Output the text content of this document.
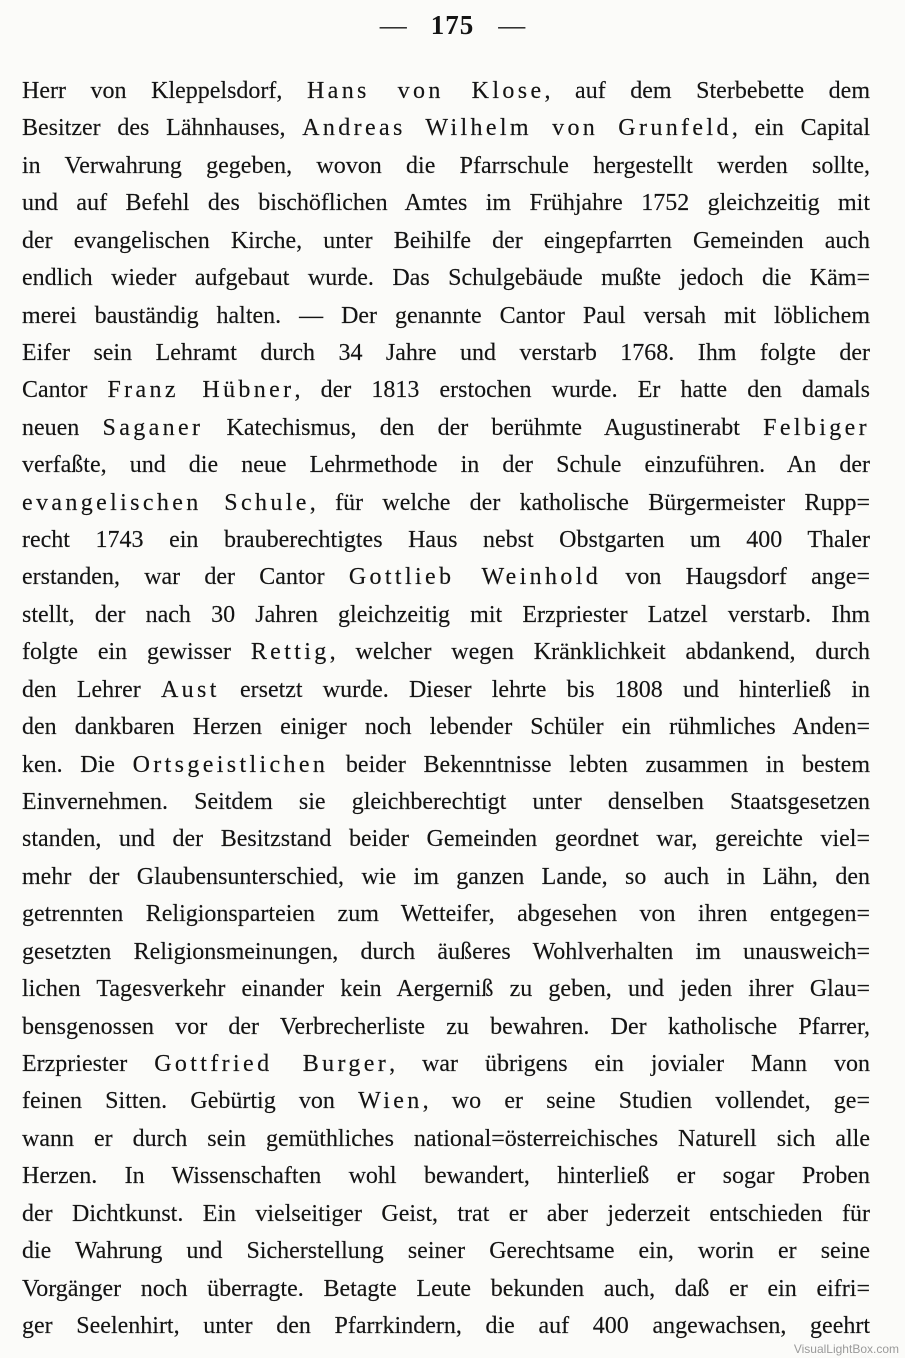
— 175 —
Herr von Kleppelsdorf, Hans von Klose, auf dem Sterbebette dem
Besitzer des Lähnhauses, Andreas Wilhelm von Grunfeld, ein Capital
in Verwahrung gegeben, wovon die Pfarrschule hergestellt werden sollte,
und auf Befehl des bischöflichen Amtes im Frühjahre 1752 gleichzeitig mit
der evangelischen Kirche, unter Beihilfe der eingepfarrten Gemeinden auch
endlich wieder aufgebaut wurde. Das Schulgebäude mußte jedoch die Käm=
merei bauständig halten. — Der genannte Cantor Paul versah mit löblichem
Eifer sein Lehramt durch 34 Jahre und verstarb 1768. Ihm folgte der
Cantor Franz Hübner, der 1813 erstochen wurde. Er hatte den damals
neuen Saganer Katechismus, den der berühmte Augustinerabt Felbiger
verfaßte, und die neue Lehrmethode in der Schule einzuführen. An der
evangelischen Schule, für welche der katholische Bürgermeister Rupp=
recht 1743 ein brauberechtigtes Haus nebst Obstgarten um 400 Thaler
erstanden, war der Cantor Gottlieb Weinhold von Haugsdorf ange=
stellt, der nach 30 Jahren gleichzeitig mit Erzpriester Latzel verstarb. Ihm
folgte ein gewisser Rettig, welcher wegen Kränklichkeit abdankend, durch
den Lehrer Aust ersetzt wurde. Dieser lehrte bis 1808 und hinterließ in
den dankbaren Herzen einiger noch lebender Schüler ein rühmliches Anden=
ken. Die Ortsgeistlichen beider Bekenntnisse lebten zusammen in bestem
Einvernehmen. Seitdem sie gleichberechtigt unter denselben Staatsgesetzen
standen, und der Besitzstand beider Gemeinden geordnet war, gereichte viel=
mehr der Glaubensunterschied, wie im ganzen Lande, so auch in Lähn, den
getrennten Religionsparteien zum Wetteifer, abgesehen von ihren entgegen=
gesetzten Religionsmeinungen, durch äußeres Wohlverhalten im unausweich=
lichen Tagesverkehr einander kein Aergerniß zu geben, und jeden ihrer Glau=
bensgenossen vor der Verbrecherliste zu bewahren. Der katholische Pfarrer,
Erzpriester Gottfried Burger, war übrigens ein jovialer Mann von
feinen Sitten. Gebürtig von Wien, wo er seine Studien vollendet, ge=
wann er durch sein gemüthliches national=österreichisches Naturell sich alle
Herzen. In Wissenschaften wohl bewandert, hinterließ er sogar Proben
der Dichtkunst. Ein vielseitiger Geist, trat er aber jederzeit entschieden für
die Wahrung und Sicherstellung seiner Gerechtsame ein, worin er seine
Vorgänger noch überragte. Betagte Leute bekunden auch, daß er ein eifri=
ger Seelenhirt, unter den Pfarrkindern, die auf 400 angewachsen, geehrt
VisualLightBox.com
